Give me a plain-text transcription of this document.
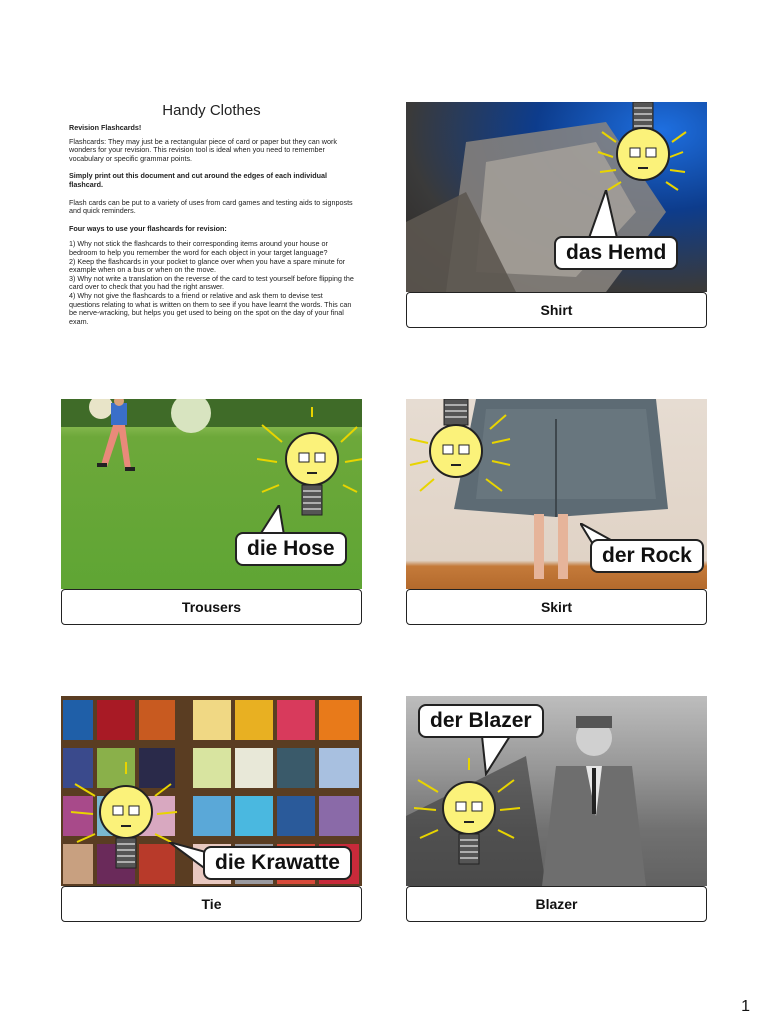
Handy Clothes
Revision Flashcards!
Flashcards: They may just be a rectangular piece of card or paper but they can work wonders for your revision. This revision tool is ideal when you need to remember vocabulary or specific grammar points.
Simply print out this document and cut around the edges of each individual flashcard.
Flash cards can be put to a variety of uses from card games and testing aids to signposts and quick reminders.
Four ways to use your flashcards for revision:
1) Why not stick the flashcards to their corresponding items around your house or bedroom to help you remember the word for each object in your target language?
2) Keep the flashcards in your pocket to glance over when you have a spare minute for example when on a bus or when on the move.
3) Why not write a translation on the reverse of the card to test yourself before flipping the card over to check that you had the right answer.
4) Why not give the flashcards to a friend or relative and ask them to devise test questions relating to what is written on them to see if you have learnt the words. This can be nerve-wracking, but helps you get used to being on the spot on the day of your final exam.
das Hemd
Shirt
die Hose
Trousers
der Rock
Skirt
die Krawatte
Tie
der Blazer
Blazer
1
